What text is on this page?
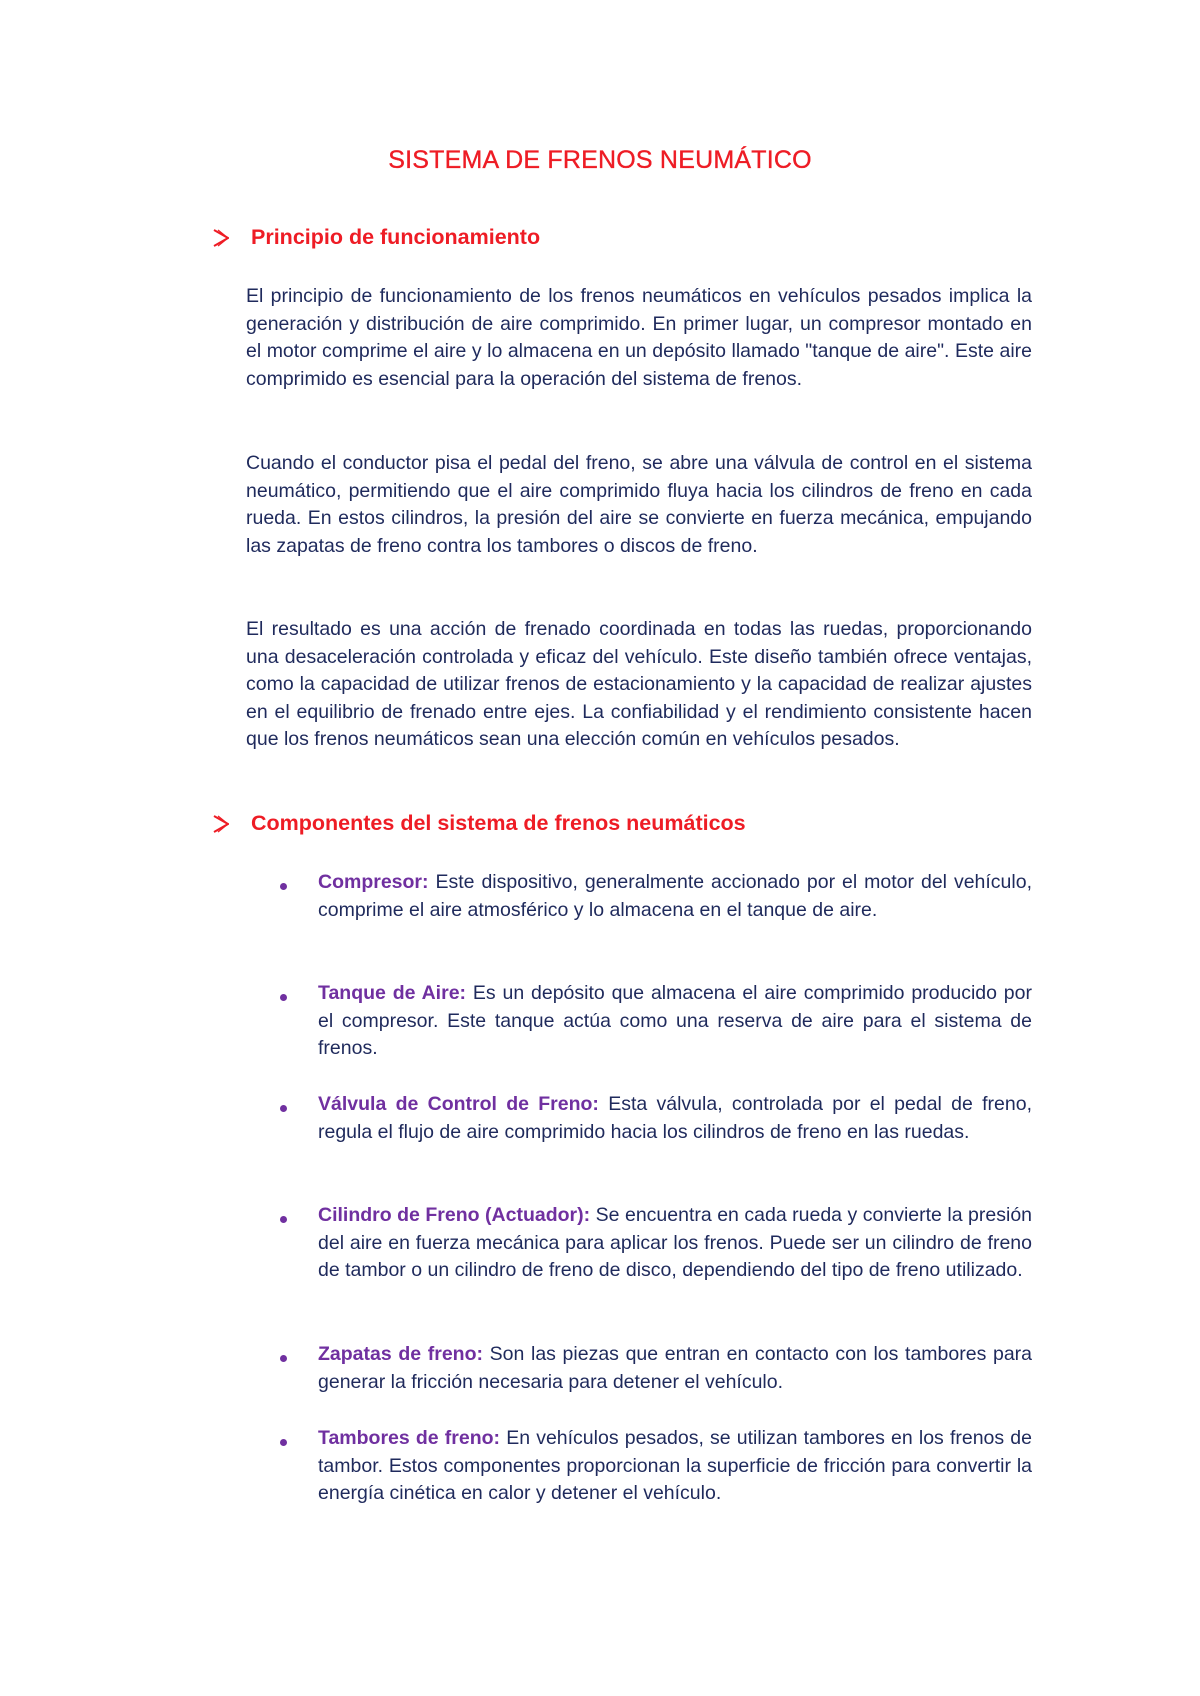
SISTEMA DE FRENOS NEUMÁTICO
Principio de funcionamiento

El principio de funcionamiento de los frenos neumáticos en vehículos pesados implica la generación y distribución de aire comprimido. En primer lugar, un compresor montado en el motor comprime el aire y lo almacena en un depósito llamado "tanque de aire". Este aire comprimido es esencial para la operación del sistema de frenos.

Cuando el conductor pisa el pedal del freno, se abre una válvula de control en el sistema neumático, permitiendo que el aire comprimido fluya hacia los cilindros de freno en cada rueda. En estos cilindros, la presión del aire se convierte en fuerza mecánica, empujando las zapatas de freno contra los tambores o discos de freno.

El resultado es una acción de frenado coordinada en todas las ruedas, proporcionando una desaceleración controlada y eficaz del vehículo. Este diseño también ofrece ventajas, como la capacidad de utilizar frenos de estacionamiento y la capacidad de realizar ajustes en el equilibrio de frenado entre ejes. La confiabilidad y el rendimiento consistente hacen que los frenos neumáticos sean una elección común en vehículos pesados.

Componentes del sistema de frenos neumáticos

Compresor: Este dispositivo, generalmente accionado por el motor del vehículo, comprime el aire atmosférico y lo almacena en el tanque de aire.

Tanque de Aire: Es un depósito que almacena el aire comprimido producido por el compresor. Este tanque actúa como una reserva de aire para el sistema de frenos.

Válvula de Control de Freno: Esta válvula, controlada por el pedal de freno, regula el flujo de aire comprimido hacia los cilindros de freno en las ruedas.

Cilindro de Freno (Actuador): Se encuentra en cada rueda y convierte la presión del aire en fuerza mecánica para aplicar los frenos. Puede ser un cilindro de freno de tambor o un cilindro de freno de disco, dependiendo del tipo de freno utilizado.

Zapatas de freno: Son las piezas que entran en contacto con los tambores para generar la fricción necesaria para detener el vehículo.

Tambores de freno: En vehículos pesados, se utilizan tambores en los frenos de tambor. Estos componentes proporcionan la superficie de fricción para convertir la energía cinética en calor y detener el vehículo.
